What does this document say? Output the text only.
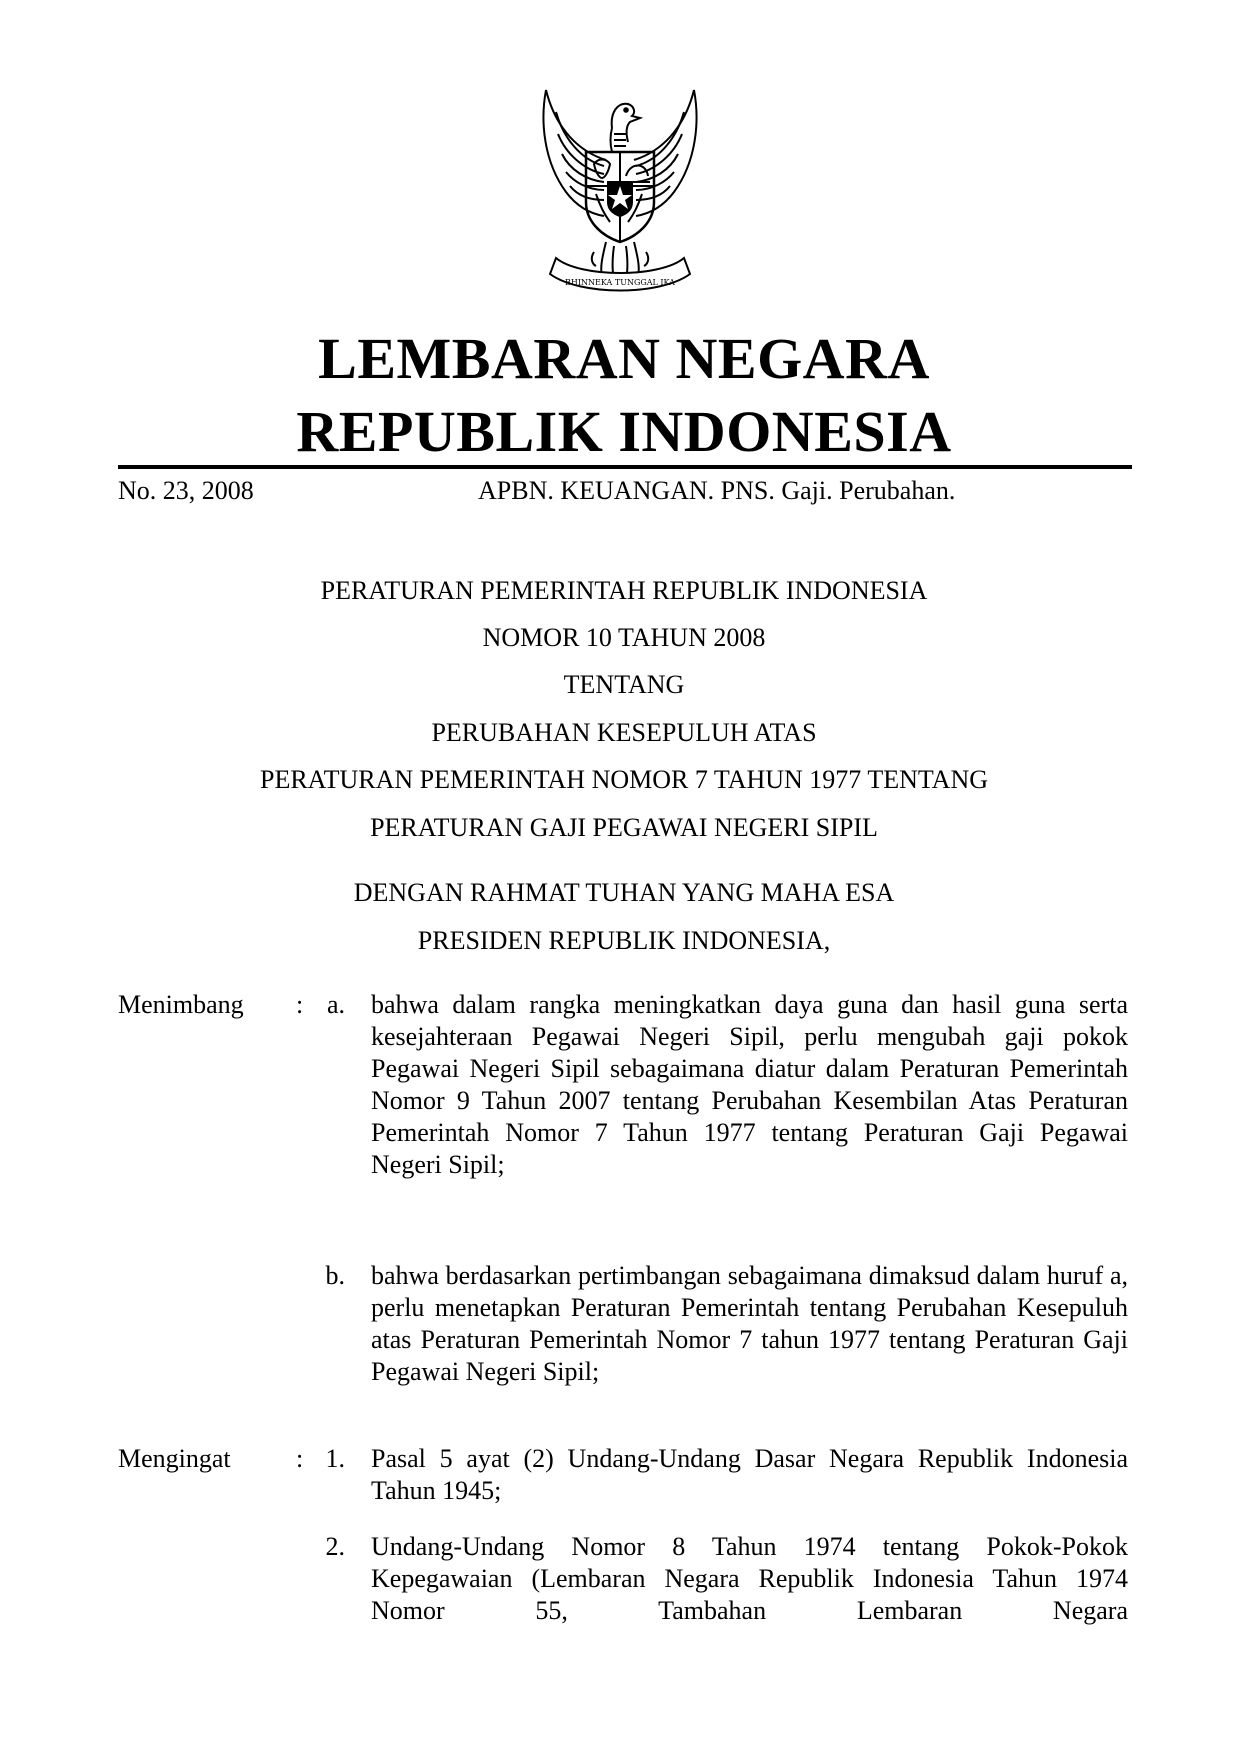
BHINNEKA TUNGGAL IKA
LEMBARAN NEGARA
REPUBLIK INDONESIA
No. 23, 2008	APBN. KEUANGAN. PNS. Gaji. Perubahan.
PERATURAN PEMERINTAH REPUBLIK INDONESIA
NOMOR 10 TAHUN 2008
TENTANG
PERUBAHAN KESEPULUH ATAS
PERATURAN PEMERINTAH NOMOR 7 TAHUN 1977 TENTANG
PERATURAN GAJI PEGAWAI NEGERI SIPIL
DENGAN RAHMAT TUHAN YANG MAHA ESA
PRESIDEN REPUBLIK INDONESIA,
Menimbang : a. bahwa dalam rangka meningkatkan daya guna dan hasil guna serta kesejahteraan Pegawai Negeri Sipil, perlu mengubah gaji pokok Pegawai Negeri Sipil sebagaimana diatur dalam Peraturan Pemerintah Nomor 9 Tahun 2007 tentang Perubahan Kesembilan Atas Peraturan Pemerintah Nomor 7 Tahun 1977 tentang Peraturan Gaji Pegawai Negeri Sipil;
b. bahwa berdasarkan pertimbangan sebagaimana dimaksud dalam huruf a, perlu menetapkan Peraturan Pemerintah tentang Perubahan Kesepuluh atas Peraturan Pemerintah Nomor 7 tahun 1977 tentang Peraturan Gaji Pegawai Negeri Sipil;
Mengingat	: 1. Pasal 5 ayat (2) Undang-Undang Dasar Negara Republik Indonesia Tahun 1945;
2. Undang-Undang Nomor 8 Tahun 1974 tentang Pokok-Pokok Kepegawaian (Lembaran Negara Republik Indonesia Tahun 1974 Nomor 55, Tambahan Lembaran Negara
